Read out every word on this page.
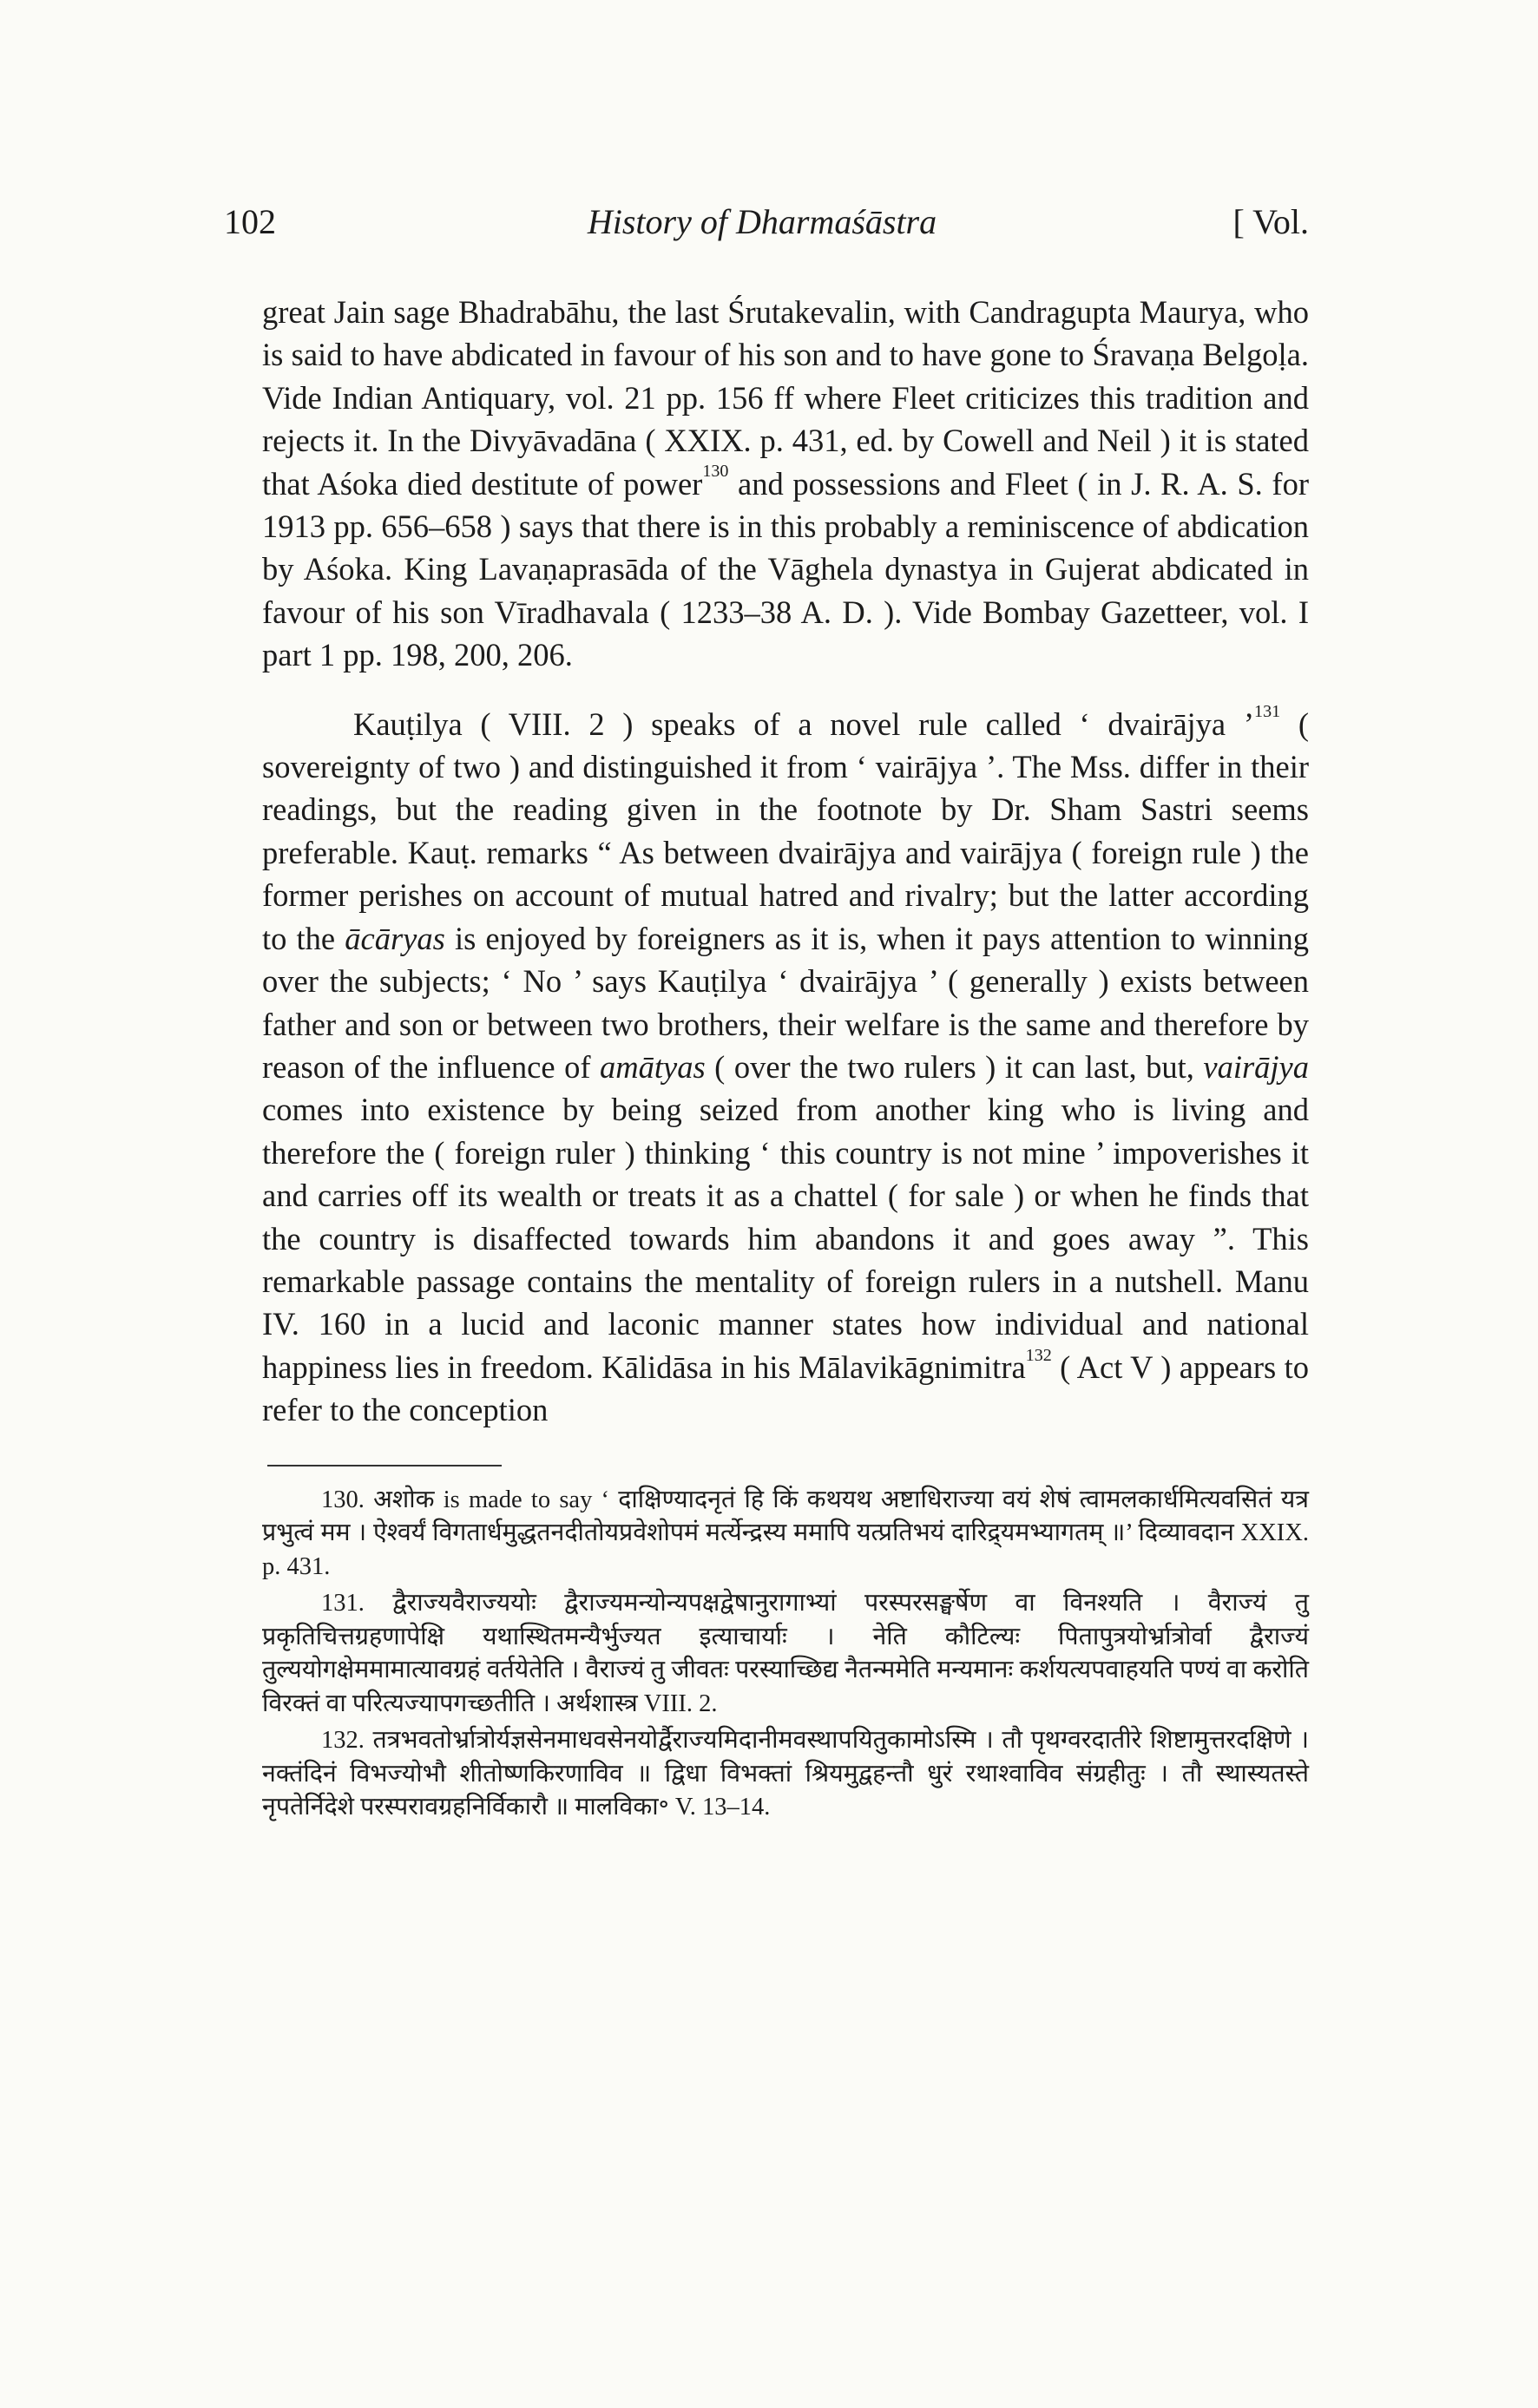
102	History of Dharmaśāstra	[ Vol.

great Jain sage Bhadrabāhu, the last Śrutakevalin, with Candragupta Maurya, who is said to have abdicated in favour of his son and to have gone to Śravaṇa Belgoḷa. Vide Indian Antiquary, vol. 21 pp. 156 ff where Fleet criticizes this tradition and rejects it. In the Divyāvadāna ( XXIX. p. 431, ed. by Cowell and Neil ) it is stated that Aśoka died destitute of power$^{130}$ and possessions and Fleet ( in J. R. A. S. for 1913 pp. 656–658 ) says that there is in this probably a reminiscence of abdication by Aśoka. King Lavaṇaprasāda of the Vāghela dynastya in Gujerat abdicated in favour of his son Vīradhavala ( 1233–38 A. D. ). Vide Bombay Gazetteer, vol. I part 1 pp. 198, 200, 206.

Kauṭilya ( VIII. 2 ) speaks of a novel rule called ‘ dvairājya ’$^{131}$ ( sovereignty of two ) and distinguished it from ‘ vairājya ’. The Mss. differ in their readings, but the reading given in the footnote by Dr. Sham Sastri seems preferable. Kauṭ. remarks “ As between dvairājya and vairājya ( foreign rule ) the former perishes on account of mutual hatred and rivalry; but the latter according to the ācāryas is enjoyed by foreigners as it is, when it pays attention to winning over the subjects; ‘ No ’ says Kauṭilya ‘ dvairājya ’ ( generally ) exists between father and son or between two brothers, their welfare is the same and therefore by reason of the influence of amātyas ( over the two rulers ) it can last, but, vairājya comes into existence by being seized from another king who is living and therefore the ( foreign ruler ) thinking ‘ this country is not mine ’ impoverishes it and carries off its wealth or treats it as a chattel ( for sale ) or when he finds that the country is disaffected towards him abandons it and goes away ”. This remarkable passage contains the mentality of foreign rulers in a nutshell. Manu IV. 160 in a lucid and laconic manner states how individual and national happiness lies in freedom. Kālidāsa in his Mālavikāgnimitra$^{132}$ ( Act V ) appears to refer to the conception

130. अशोक is made to say ‘ दाक्षिण्यादनृतं हि किं कथयथ अष्टाधिराज्या वयं शेषं त्वामलकार्धमित्यवसितं यत्र प्रभुत्वं मम । ऐश्वर्यं विगतार्धमुद्धतनदीतोयप्रवेशोपमं मर्त्येन्द्रस्य ममापि यत्प्रतिभयं दारिद्र्यमभ्यागतम् ॥’ दिव्यावदान XXIX. p. 431.

131. द्वैराज्यवैराज्ययोः द्वैराज्यमन्योन्यपक्षद्वेषानुरागाभ्यां परस्परसङ्घर्षेण वा विनश्यति । वैराज्यं तु प्रकृतिचित्तग्रहणापेक्षि यथास्थितमन्यैर्भुज्यत इत्याचार्याः । नेति कौटिल्यः पितापुत्रयोर्भ्रात्रोर्वा द्वैराज्यं तुल्ययोगक्षेममामात्यावग्रहं वर्तयेतेति । वैराज्यं तु जीवतः परस्याच्छिद्य नैतन्ममेति मन्यमानः कर्शयत्यपवाहयति पण्यं वा करोति विरक्तं वा परित्यज्यापगच्छतीति । अर्थशास्त्र VIII. 2.

132. तत्रभवतोर्भ्रात्रोर्यज्ञसेनमाधवसेनयोर्द्वैराज्यमिदानीमवस्थापयितुकामोऽस्मि । तौ पृथग्वरदातीरे शिष्टामुत्तरदक्षिणे । नक्तंदिनं विभज्योभौ शीतोष्णकिरणाविव ॥ द्विधा विभक्तां श्रियमुद्वहन्तौ धुरं रथाश्वाविव संग्रहीतुः । तौ स्थास्यतस्ते नृपतेर्निदेशे परस्परावग्रहनिर्विकारौ ॥ मालविका॰ V. 13–14.
